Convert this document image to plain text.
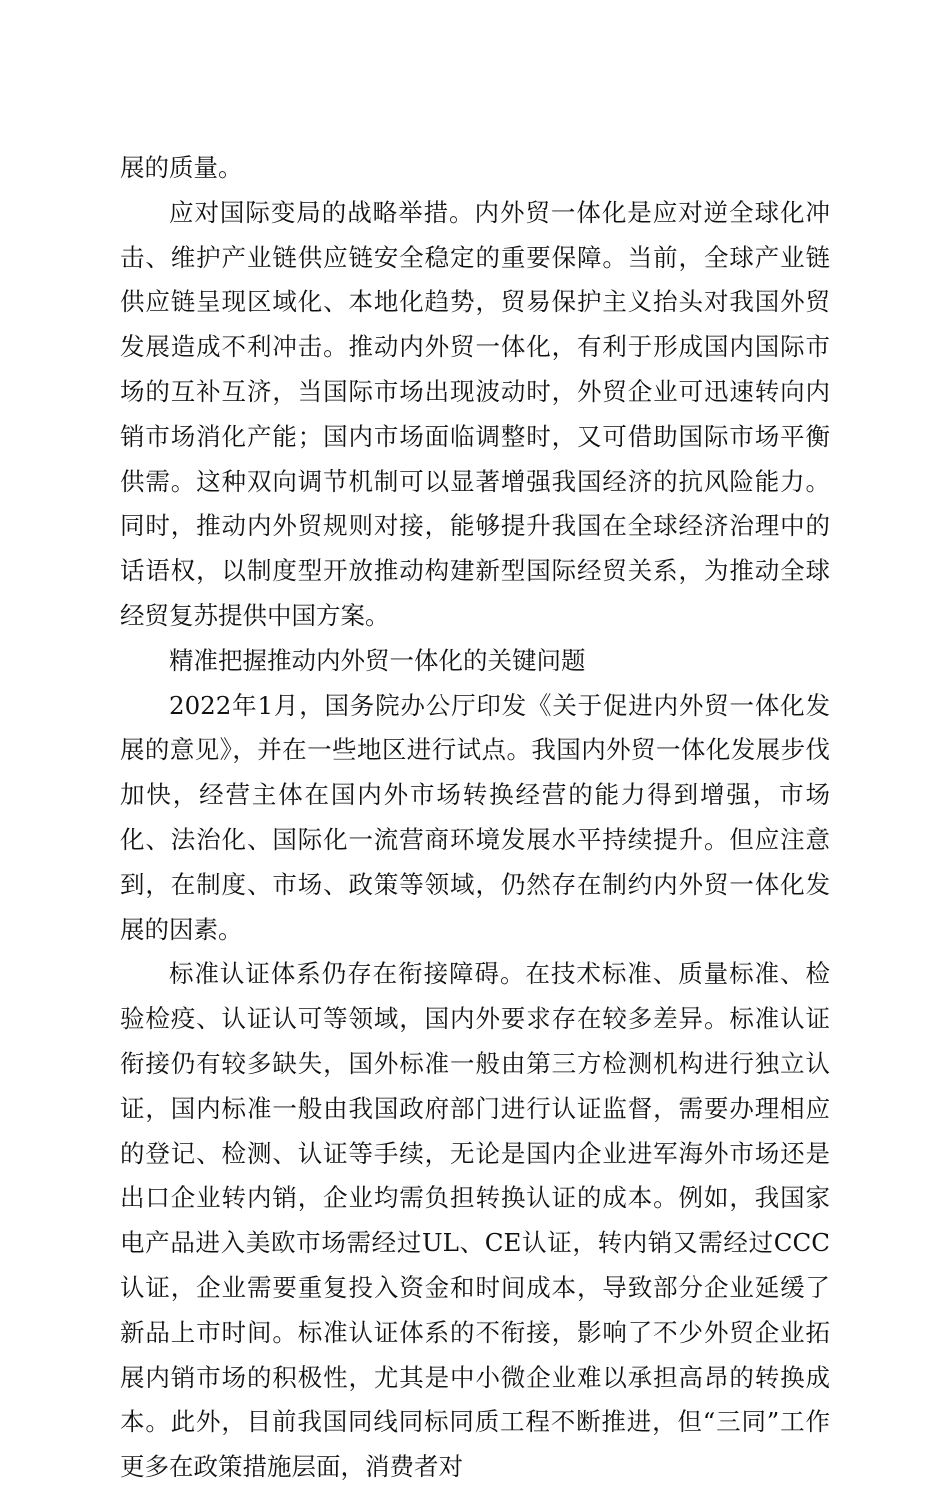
展的质量。

应对国际变局的战略举措。内外贸一体化是应对逆全球化冲击、维护产业链供应链安全稳定的重要保障。当前，全球产业链供应链呈现区域化、本地化趋势，贸易保护主义抬头对我国外贸发展造成不利冲击。推动内外贸一体化，有利于形成国内国际市场的互补互济，当国际市场出现波动时，外贸企业可迅速转向内销市场消化产能；国内市场面临调整时，又可借助国际市场平衡供需。这种双向调节机制可以显著增强我国经济的抗风险能力。同时，推动内外贸规则对接，能够提升我国在全球经济治理中的话语权，以制度型开放推动构建新型国际经贸关系，为推动全球经贸复苏提供中国方案。

精准把握推动内外贸一体化的关键问题

2022年1月，国务院办公厅印发《关于促进内外贸一体化发展的意见》，并在一些地区进行试点。我国内外贸一体化发展步伐加快，经营主体在国内外市场转换经营的能力得到增强，市场化、法治化、国际化一流营商环境发展水平持续提升。但应注意到，在制度、市场、政策等领域，仍然存在制约内外贸一体化发展的因素。

标准认证体系仍存在衔接障碍。在技术标准、质量标准、检验检疫、认证认可等领域，国内外要求存在较多差异。标准认证衔接仍有较多缺失，国外标准一般由第三方检测机构进行独立认证，国内标准一般由我国政府部门进行认证监督，需要办理相应的登记、检测、认证等手续，无论是国内企业进军海外市场还是出口企业转内销，企业均需负担转换认证的成本。例如，我国家电产品进入美欧市场需经过UL、CE认证，转内销又需经过CCC认证，企业需要重复投入资金和时间成本，导致部分企业延缓了新品上市时间。标准认证体系的不衔接，影响了不少外贸企业拓展内销市场的积极性，尤其是中小微企业难以承担高昂的转换成本。此外，目前我国同线同标同质工程不断推进，但“三同”工作更多在政策措施层面，消费者对
